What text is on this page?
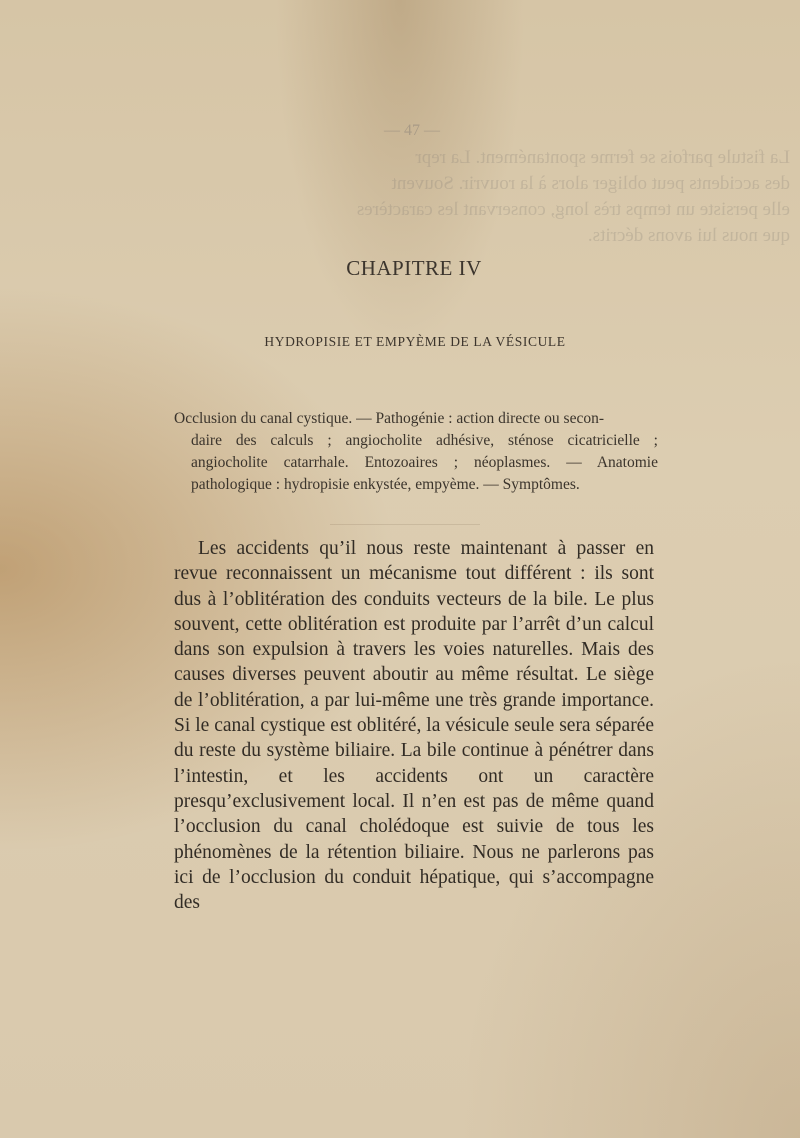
— 47 —
La fistule parfois se ferme spontanément. La repr
des accidents peut obliger alors à la rouvrir. Souvent
elle persiste un temps très long, conservant les caractères
que nous lui avons décrits.
CHAPITRE IV
HYDROPISIE ET EMPYÈME DE LA VÉSICULE
Occlusion du canal cystique. — Pathogénie : action directe ou secon-
daire des calculs ; angiocholite adhésive, sténose cicatricielle ; angiocholite catarrhale. Entozoaires ; néoplasmes. — Anatomie pathologique : hydropisie enkystée, empyème. — Symptômes.

Les accidents qu’il nous reste maintenant à passer en revue reconnaissent un mécanisme tout différent : ils sont dus à l’oblitération des conduits vecteurs de la bile. Le plus souvent, cette oblitération est produite par l’arrêt d’un calcul dans son expulsion à travers les voies naturelles. Mais des causes diverses peuvent aboutir au même résultat. Le siège de l’oblitération, a par lui-même une très grande importance. Si le canal cystique est oblitéré, la vésicule seule sera séparée du reste du système biliaire. La bile continue à pénétrer dans l’intestin, et les accidents ont un caractère presqu’exclusivement local. Il n’en est pas de même quand l’occlusion du canal cholédoque est suivie de tous les phénomènes de la rétention biliaire. Nous ne parlerons pas ici de l’occlusion du conduit hépatique, qui s’accompagne des
